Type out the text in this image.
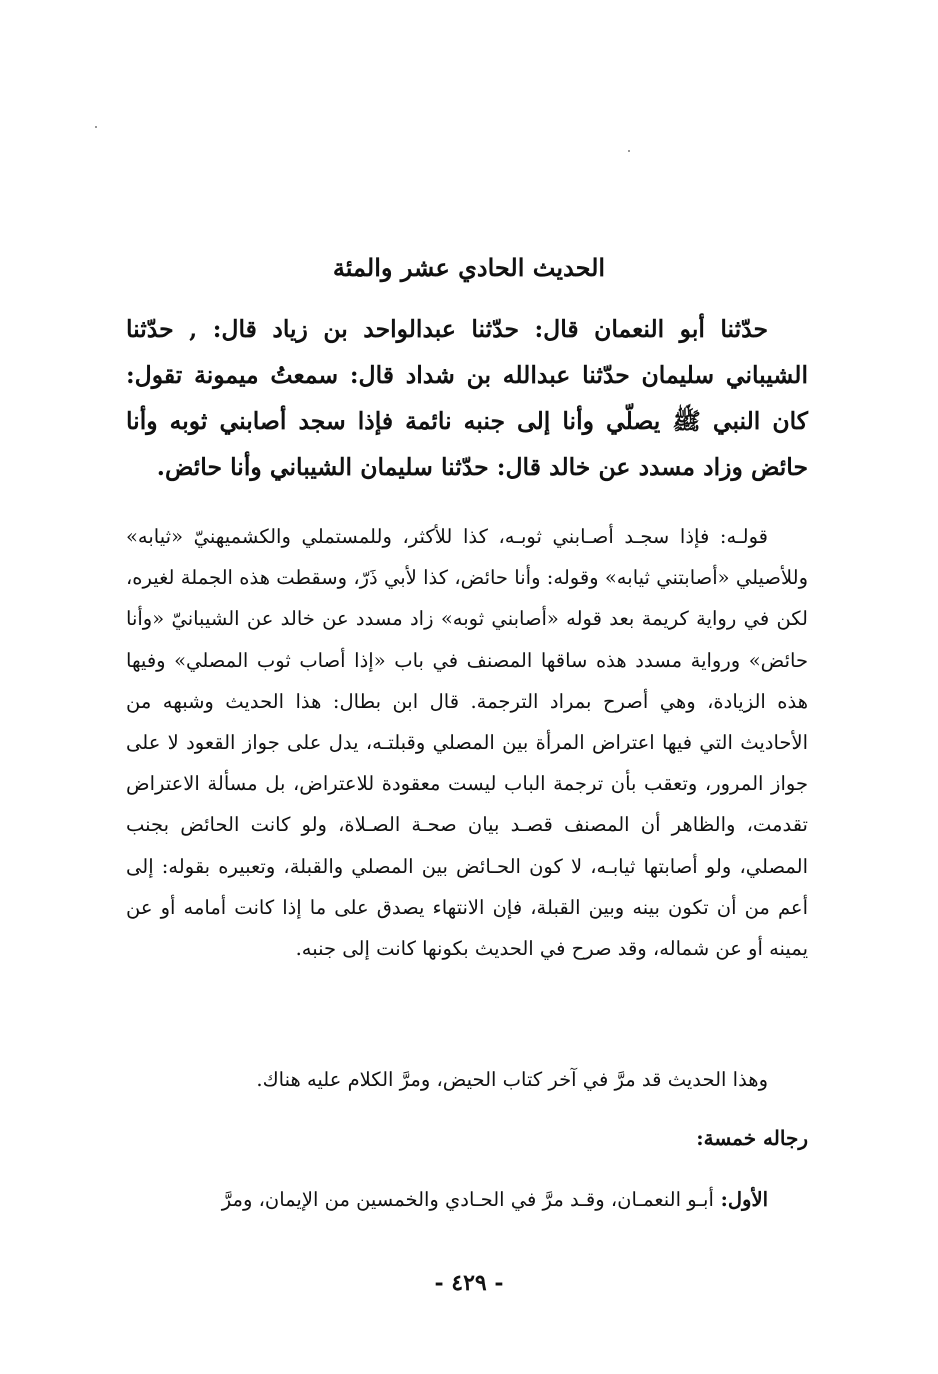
الحديث الحادي عشر والمئة

حدّثنا أبو النعمان قال: حدّثنا عبدالواحد بن زياد قال: , حدّثنا الشيباني سليمان حدّثنا عبدالله بن شداد قال: سمعتُ ميمونة تقول: كان النبي ﷺ يصلّي وأنا إلى جنبه نائمة فإذا سجد أصابني ثوبه وأنا حائض وزاد مسدد عن خالد قال: حدّثنا سليمان الشيباني وأنا حائض.

قولـه: فإذا سجـد أصـابني ثوبـه، كذا للأكثر، وللمستملي والكشميهنيّ «ثيابه» وللأصيلي «أصابتني ثيابه» وقوله: وأنا حائض، كذا لأبي ذَرّ، وسقطت هذه الجملة لغيره، لكن في رواية كريمة بعد قوله «أصابني ثوبه» زاد مسدد عن خالد عن الشيبانيّ «وأنا حائض» ورواية مسدد هذه ساقها المصنف في باب «إذا أصاب ثوب المصلي» وفيها هذه الزيادة، وهي أصرح بمراد الترجمة. قال ابن بطال: هذا الحديث وشبهه من الأحاديث التي فيها اعتراض المرأة بين المصلي وقبلتـه، يدل على جواز القعود لا على جواز المرور، وتعقب بأن ترجمة الباب ليست معقودة للاعتراض، بل مسألة الاعتراض تقدمت، والظاهر أن المصنف قصـد بيان صحـة الصـلاة، ولو كانت الحائض بجنب المصلي، ولو أصابتها ثيابـه، لا كون الحـائض بين المصلي والقبلة، وتعبيره بقوله: إلى أعم من أن تكون بينه وبين القبلة، فإن الانتهاء يصدق على ما إذا كانت أمامه أو عن يمينه أو عن شماله، وقد صرح في الحديث بكونها كانت إلى جنبه.

وهذا الحديث قد مرَّ في آخر كتاب الحيض، ومرَّ الكلام عليه هناك.
رجاله خمسة:
الأول: أبـو النعمـان، وقـد مرَّ في الحـادي والخمسين من الإيمان، ومرَّ
- ٤٢٩ -
